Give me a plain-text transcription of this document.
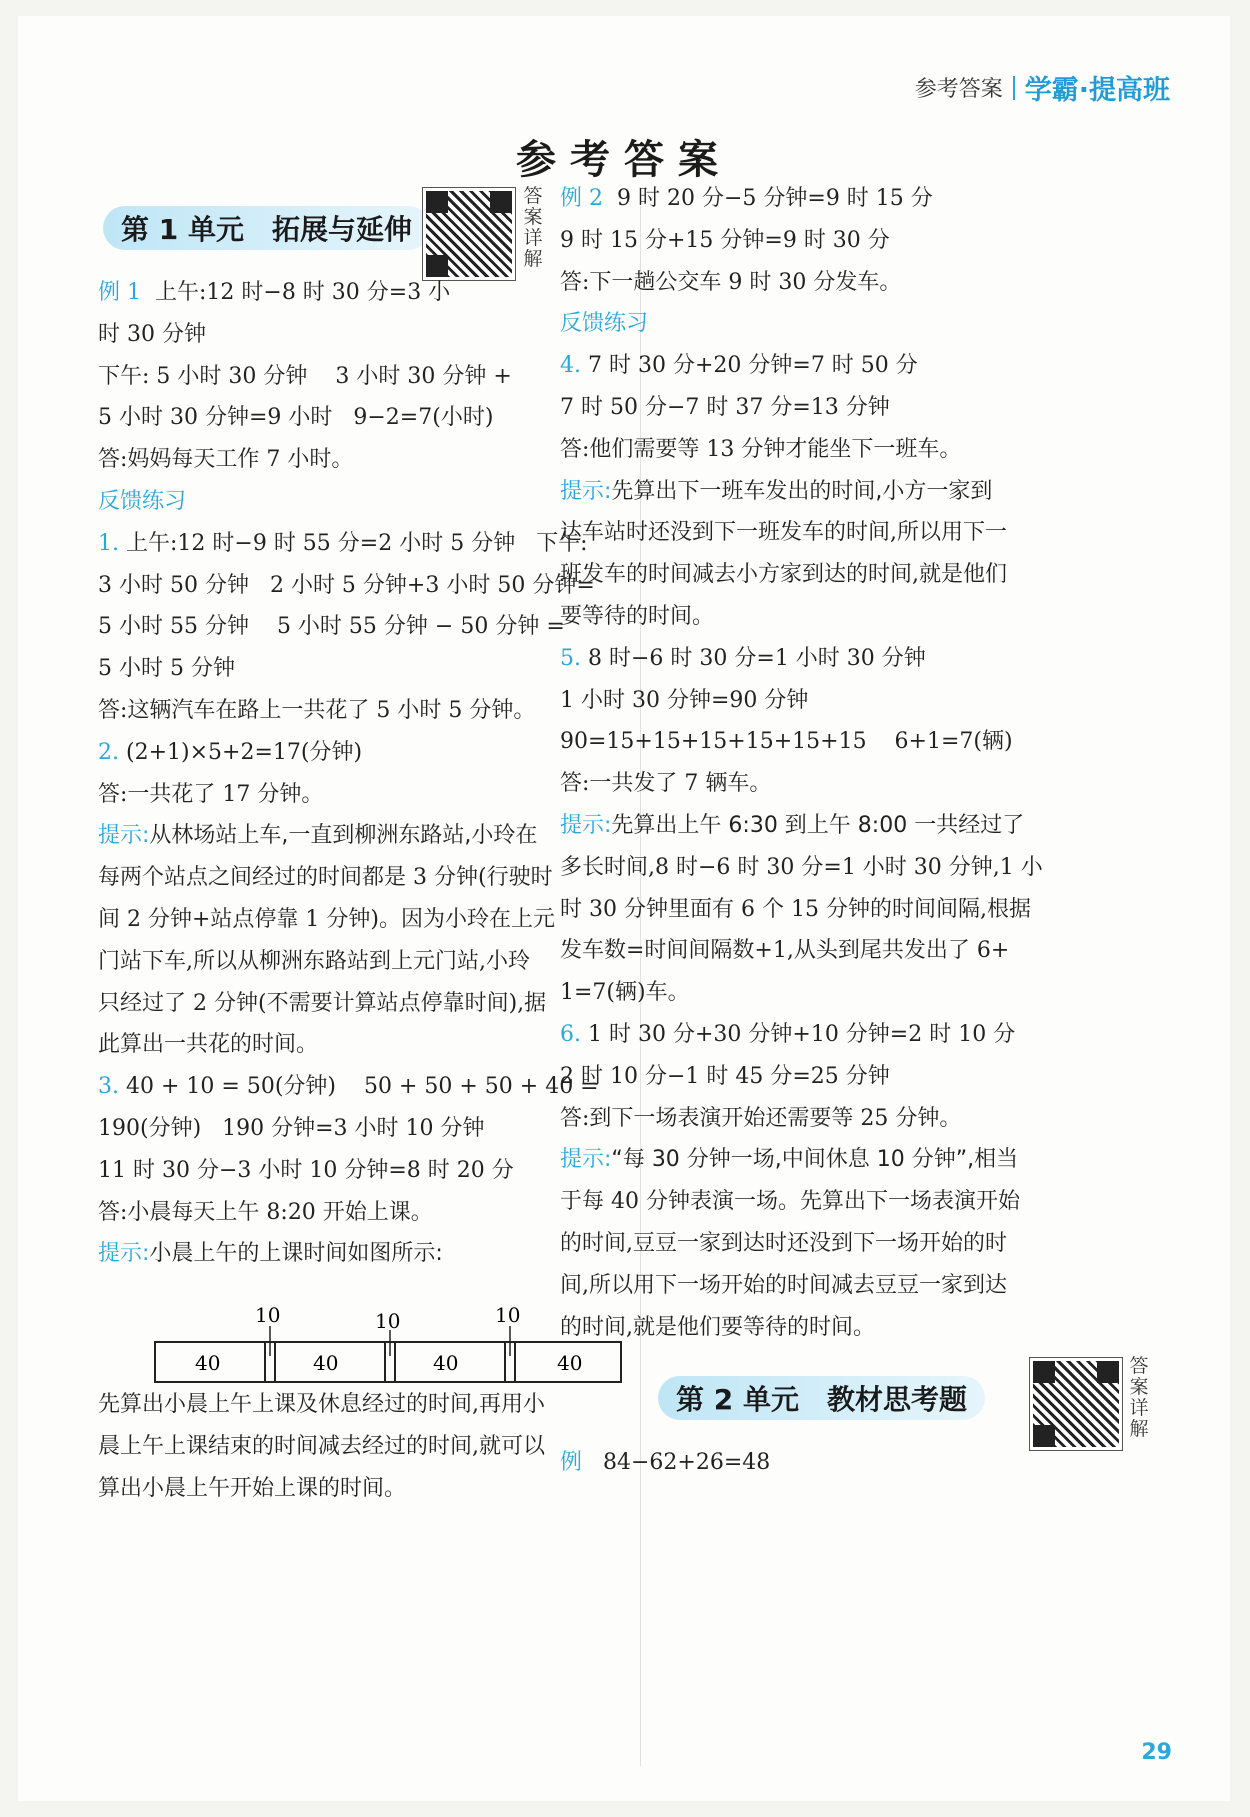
参考答案 学霸·提高班
参考答案
第 1 单元 拓展与延伸
答案详解
例 1  上午:12 时−8 时 30 分=3 小
时 30 分钟
下午: 5 小时 30 分钟    3 小时 30 分钟 +
5 小时 30 分钟=9 小时   9−2=7(小时)
答:妈妈每天工作 7 小时。
反馈练习
1. 上午:12 时−9 时 55 分=2 小时 5 分钟   下午:
3 小时 50 分钟   2 小时 5 分钟+3 小时 50 分钟=
5 小时 55 分钟    5 小时 55 分钟 − 50 分钟 =
5 小时 5 分钟
答:这辆汽车在路上一共花了 5 小时 5 分钟。
2. (2+1)×5+2=17(分钟)
答:一共花了 17 分钟。
提示:从林场站上车,一直到柳洲东路站,小玲在
每两个站点之间经过的时间都是 3 分钟(行驶时
间 2 分钟+站点停靠 1 分钟)。因为小玲在上元
门站下车,所以从柳洲东路站到上元门站,小玲
只经过了 2 分钟(不需要计算站点停靠时间),据
此算出一共花的时间。
3. 40 + 10 = 50(分钟)    50 + 50 + 50 + 40 =
190(分钟)   190 分钟=3 小时 10 分钟
11 时 30 分−3 小时 10 分钟=8 时 20 分
答:小晨每天上午 8:20 开始上课。
提示:小晨上午的上课时间如图所示:
先算出小晨上午上课及休息经过的时间,再用小
晨上午上课结束的时间减去经过的时间,就可以
算出小晨上午开始上课的时间。
10	10	10
40	40	40	40
例 2  9 时 20 分−5 分钟=9 时 15 分
9 时 15 分+15 分钟=9 时 30 分
答:下一趟公交车 9 时 30 分发车。
反馈练习
4. 7 时 30 分+20 分钟=7 时 50 分
7 时 50 分−7 时 37 分=13 分钟
答:他们需要等 13 分钟才能坐下一班车。
提示:先算出下一班车发出的时间,小方一家到
达车站时还没到下一班发车的时间,所以用下一
班发车的时间减去小方家到达的时间,就是他们
要等待的时间。
5. 8 时−6 时 30 分=1 小时 30 分钟
1 小时 30 分钟=90 分钟
90=15+15+15+15+15+15    6+1=7(辆)
答:一共发了 7 辆车。
提示:先算出上午 6:30 到上午 8:00 一共经过了
多长时间,8 时−6 时 30 分=1 小时 30 分钟,1 小
时 30 分钟里面有 6 个 15 分钟的时间间隔,根据
发车数=时间间隔数+1,从头到尾共发出了 6+
1=7(辆)车。
6. 1 时 30 分+30 分钟+10 分钟=2 时 10 分
2 时 10 分−1 时 45 分=25 分钟
答:到下一场表演开始还需要等 25 分钟。
提示:“每 30 分钟一场,中间休息 10 分钟”,相当
于每 40 分钟表演一场。先算出下一场表演开始
的时间,豆豆一家到达时还没到下一场开始的时
间,所以用下一场开始的时间减去豆豆一家到达
的时间,就是他们要等待的时间。
例   84−62+26=48
第 2 单元 教材思考题
答案详解
29
